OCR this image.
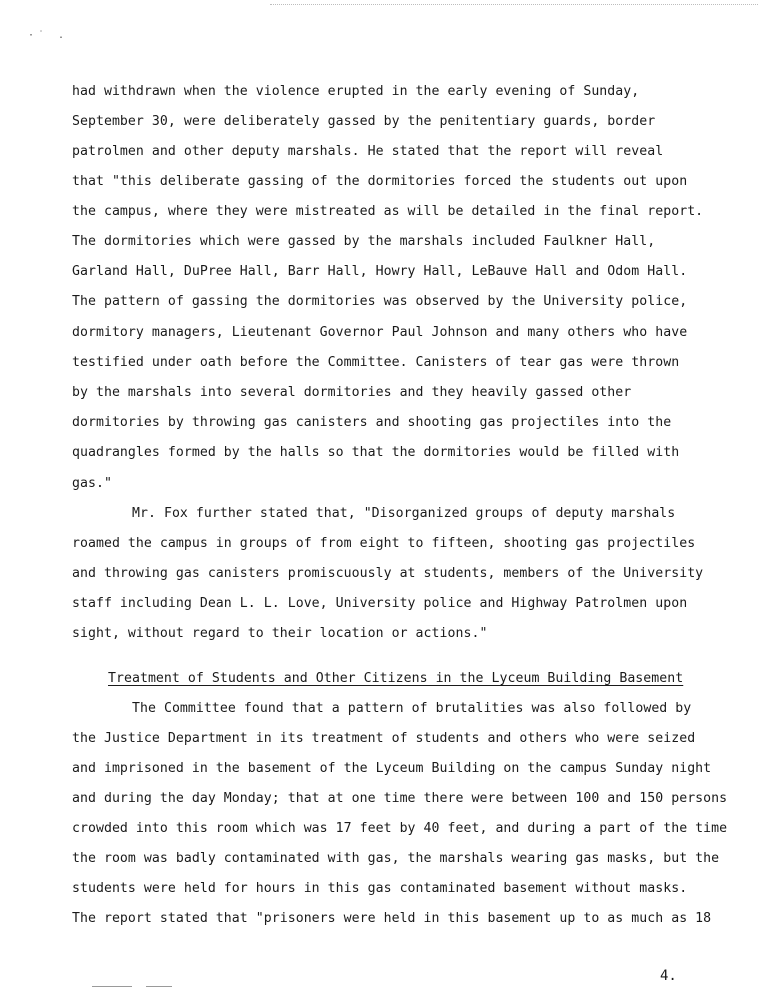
·˙ .
had withdrawn when the violence erupted in the early evening of Sunday,
September 30, were deliberately gassed by the penitentiary guards, border
patrolmen and other deputy marshals. He stated that the report will reveal
that "this deliberate gassing of the dormitories forced the students out upon
the campus, where they were mistreated as will be detailed in the final report.
The dormitories which were gassed by the marshals included Faulkner Hall,
Garland Hall, DuPree Hall, Barr Hall, Howry Hall, LeBauve Hall and Odom Hall.
The pattern of gassing the dormitories was observed by the University police,
dormitory managers, Lieutenant Governor Paul Johnson and many others who have
testified under oath before the Committee. Canisters of tear gas were thrown
by the marshals into several dormitories and they heavily gassed other
dormitories by throwing gas canisters and shooting gas projectiles into the
quadrangles formed by the halls so that the dormitories would be filled with
gas."
Mr. Fox further stated that, "Disorganized groups of deputy marshals
roamed the campus in groups of from eight to fifteen, shooting gas projectiles
and throwing gas canisters promiscuously at students, members of the University
staff including Dean L. L. Love, University police and Highway Patrolmen upon
sight, without regard to their location or actions."
Treatment of Students and Other Citizens in the Lyceum Building Basement
The Committee found that a pattern of brutalities was also followed by
the Justice Department in its treatment of students and others who were seized
and imprisoned in the basement of the Lyceum Building on the campus Sunday night
and during the day Monday; that at one time there were between 100 and 150 persons
crowded into this room which was 17 feet by 40 feet, and during a part of the time
the room was badly contaminated with gas, the marshals wearing gas masks, but the
students were held for hours in this gas contaminated basement without masks.
The report stated that "prisoners were held in this basement up to as much as 18
4.
